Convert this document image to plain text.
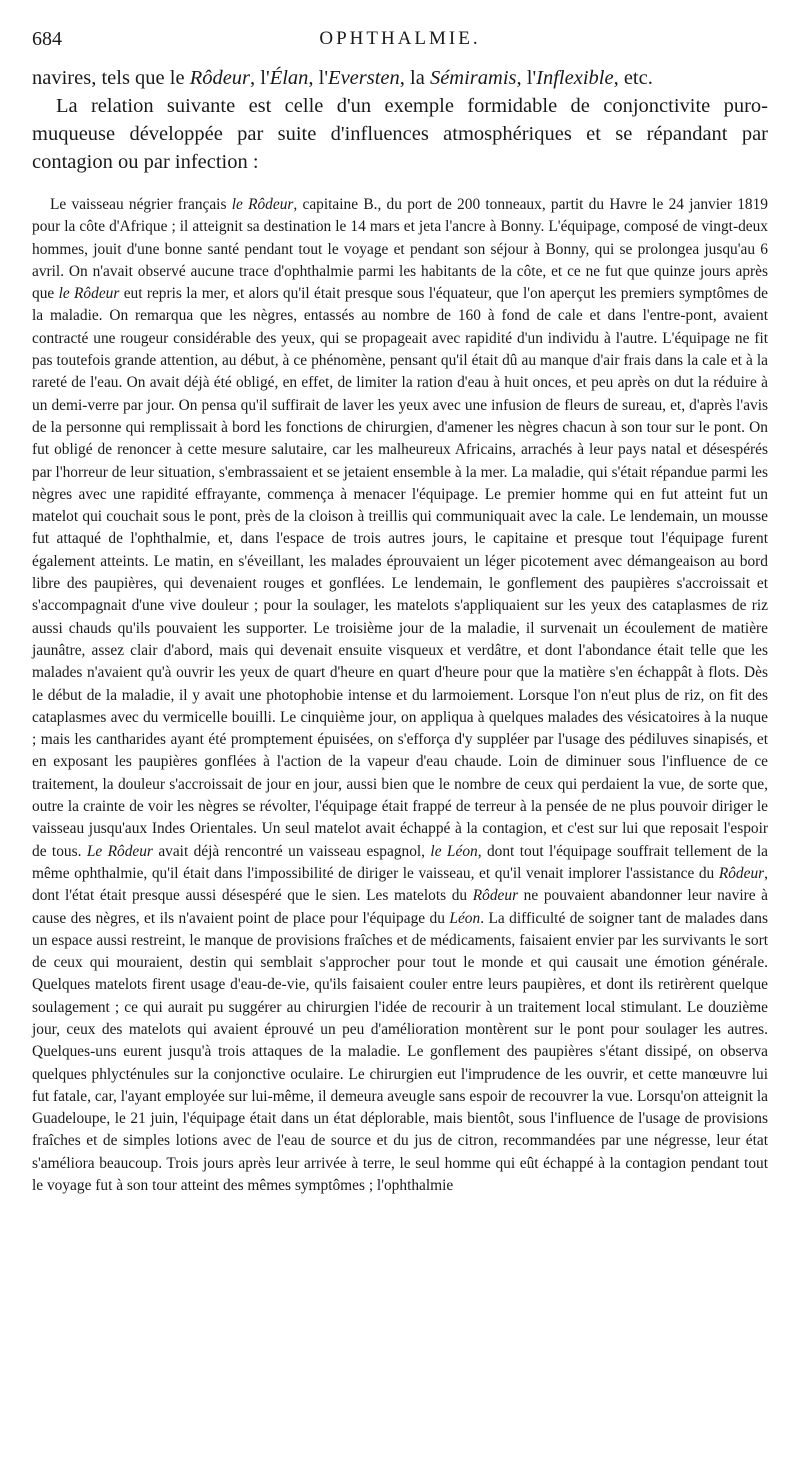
684	OPHTHALMIE.

navires, tels que le Rôdeur, l'Élan, l'Eversten, la Sémiramis, l'Inflexible, etc.

La relation suivante est celle d'un exemple formidable de conjonctivite puro-muqueuse développée par suite d'influences atmosphériques et se répandant par contagion ou par infection :

Le vaisseau négrier français le Rôdeur, capitaine B., du port de 200 tonneaux, partit du Havre le 24 janvier 1819 pour la côte d'Afrique ; il atteignit sa destination le 14 mars et jeta l'ancre à Bonny. L'équipage, composé de vingt-deux hommes, jouit d'une bonne santé pendant tout le voyage et pendant son séjour à Bonny, qui se prolongea jusqu'au 6 avril. On n'avait observé aucune trace d'ophthalmie parmi les habitants de la côte, et ce ne fut que quinze jours après que le Rôdeur eut repris la mer, et alors qu'il était presque sous l'équateur, que l'on aperçut les premiers symptômes de la maladie. On remarqua que les nègres, entassés au nombre de 160 à fond de cale et dans l'entre-pont, avaient contracté une rougeur considérable des yeux, qui se propageait avec rapidité d'un individu à l'autre. L'équipage ne fit pas toutefois grande attention, au début, à ce phénomène, pensant qu'il était dû au manque d'air frais dans la cale et à la rareté de l'eau. On avait déjà été obligé, en effet, de limiter la ration d'eau à huit onces, et peu après on dut la réduire à un demi-verre par jour. On pensa qu'il suffirait de laver les yeux avec une infusion de fleurs de sureau, et, d'après l'avis de la personne qui remplissait à bord les fonctions de chirurgien, d'amener les nègres chacun à son tour sur le pont. On fut obligé de renoncer à cette mesure salutaire, car les malheureux Africains, arrachés à leur pays natal et désespérés par l'horreur de leur situation, s'embrassaient et se jetaient ensemble à la mer. La maladie, qui s'était répandue parmi les nègres avec une rapidité effrayante, commença à menacer l'équipage. Le premier homme qui en fut atteint fut un matelot qui couchait sous le pont, près de la cloison à treillis qui communiquait avec la cale. Le lendemain, un mousse fut attaqué de l'ophthalmie, et, dans l'espace de trois autres jours, le capitaine et presque tout l'équipage furent également atteints. Le matin, en s'éveillant, les malades éprouvaient un léger picotement avec démangeaison au bord libre des paupières, qui devenaient rouges et gonflées. Le lendemain, le gonflement des paupières s'accroissait et s'accompagnait d'une vive douleur ; pour la soulager, les matelots s'appliquaient sur les yeux des cataplasmes de riz aussi chauds qu'ils pouvaient les supporter. Le troisième jour de la maladie, il survenait un écoulement de matière jaunâtre, assez clair d'abord, mais qui devenait ensuite visqueux et verdâtre, et dont l'abondance était telle que les malades n'avaient qu'à ouvrir les yeux de quart d'heure en quart d'heure pour que la matière s'en échappât à flots. Dès le début de la maladie, il y avait une photophobie intense et du larmoiement. Lorsque l'on n'eut plus de riz, on fit des cataplasmes avec du vermicelle bouilli. Le cinquième jour, on appliqua à quelques malades des vésicatoires à la nuque ; mais les cantharides ayant été promptement épuisées, on s'efforça d'y suppléer par l'usage des pédiluves sinapisés, et en exposant les paupières gonflées à l'action de la vapeur d'eau chaude. Loin de diminuer sous l'influence de ce traitement, la douleur s'accroissait de jour en jour, aussi bien que le nombre de ceux qui perdaient la vue, de sorte que, outre la crainte de voir les nègres se révolter, l'équipage était frappé de terreur à la pensée de ne plus pouvoir diriger le vaisseau jusqu'aux Indes Orientales. Un seul matelot avait échappé à la contagion, et c'est sur lui que reposait l'espoir de tous. Le Rôdeur avait déjà rencontré un vaisseau espagnol, le Léon, dont tout l'équipage souffrait tellement de la même ophthalmie, qu'il était dans l'impossibilité de diriger le vaisseau, et qu'il venait implorer l'assistance du Rôdeur, dont l'état était presque aussi désespéré que le sien. Les matelots du Rôdeur ne pouvaient abandonner leur navire à cause des nègres, et ils n'avaient point de place pour l'équipage du Léon. La difficulté de soigner tant de malades dans un espace aussi restreint, le manque de provisions fraîches et de médicaments, faisaient envier par les survivants le sort de ceux qui mouraient, destin qui semblait s'approcher pour tout le monde et qui causait une émotion générale. Quelques matelots firent usage d'eau-de-vie, qu'ils faisaient couler entre leurs paupières, et dont ils retirèrent quelque soulagement ; ce qui aurait pu suggérer au chirurgien l'idée de recourir à un traitement local stimulant. Le douzième jour, ceux des matelots qui avaient éprouvé un peu d'amélioration montèrent sur le pont pour soulager les autres. Quelques-uns eurent jusqu'à trois attaques de la maladie. Le gonflement des paupières s'étant dissipé, on observa quelques phlycténules sur la conjonctive oculaire. Le chirurgien eut l'imprudence de les ouvrir, et cette manœuvre lui fut fatale, car, l'ayant employée sur lui-même, il demeura aveugle sans espoir de recouvrer la vue. Lorsqu'on atteignit la Guadeloupe, le 21 juin, l'équipage était dans un état déplorable, mais bientôt, sous l'influence de l'usage de provisions fraîches et de simples lotions avec de l'eau de source et du jus de citron, recommandées par une négresse, leur état s'améliora beaucoup. Trois jours après leur arrivée à terre, le seul homme qui eût échappé à la contagion pendant tout le voyage fut à son tour atteint des mêmes symptômes ; l'ophthalmie
